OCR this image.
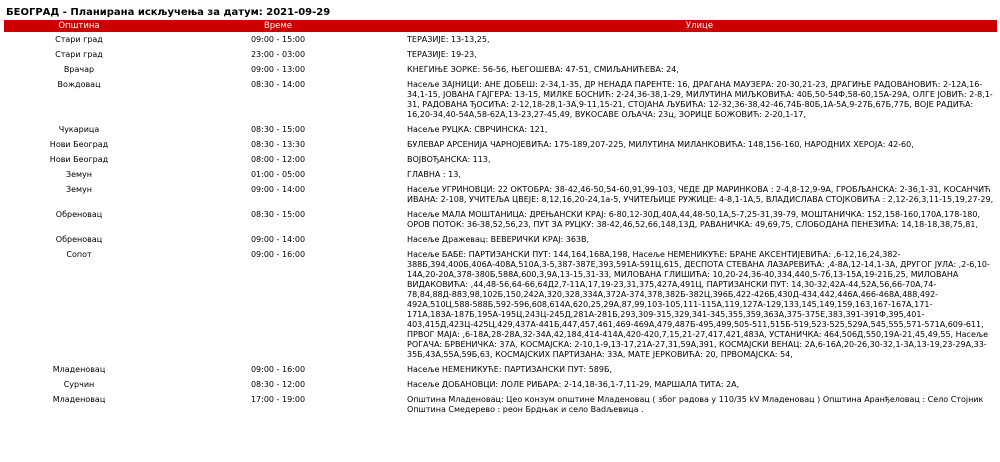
БЕОГРАД - Планирана искључења за датум: 2021-09-29
Општина	Време	Улице
Стари град	09:00 - 15:00	ТЕРАЗИЈЕ: 13-13,25,
Стари град	23:00 - 03:00	ТЕРАЗИЈЕ: 19-23,
Врачар	09:00 - 13:00	КНЕГИЊЕ ЗОРКЕ: 56-56, ЊЕГОШЕВА: 47-51, СМИЉАНИЋЕВА: 24,
Вождовац	08:30 - 14:00	Насеље ЗАЈНИЦИ: АНЕ ДОБЕШ: 2-34,1-35, ДР НЕНАДА ПАРЕНТЕ: 16, ДРАГАНА МАУЗЕРА: 20-30,21-23, ДРАГИЊЕ РАДОВАНОВИЋ: 2-12А,16-34,1-15, ЈОВАНА ГАЈГЕРА: 13-15, МИЛКЕ БОСНИЋ: 2-24,36-38,1-29, МИЛУТИНА МИЉКОВИЋА: 40Б,50-54Ф,58-60,15А-29А, ОЛГЕ ЈОВИЋ: 2-8,1-31, РАДОВАНА ЂОСИЋА: 2-12,18-28,1-3А,9-11,15-21, СТОЈАНА ЉУБИЋА: 12-32,36-38,42-46,74Б-80Б,1А-5А,9-27Б,67Б,77Б, ВОЈЕ РАДИЋА: 16,20-34,40-54А,58-62А,13-23,27-45,49, ВУКОСАВЕ ОЉАЧА: 23ц, ЗОРИЦЕ БОЖОВИЋ: 2-20,1-17,
Чукарица	08:30 - 15:00	Насеље РУЦКА: СВРЧИНСКА: 121,
Нови Београд	08:30 - 13:30	БУЛЕВАР АРСЕНИЈА ЧАРНОЈЕВИЋА: 175-189,207-225, МИЛУТИНА МИЛАНКОВИЋА: 148,156-160, НАРОДНИХ ХЕРОЈА: 42-60,
Нови Београд	08:00 - 12:00	ВОЈВОЂАНСКА: 113,
Земун	01:00 - 05:00	ГЛАВНА : 13,
Земун	09:00 - 14:00	Насеље УГРИНОВЦИ: 22 ОКТОБРА: 38-42,46-50,54-60,91,99-103, ЧЕДЕ ДР МАРИНКОВА : 2-4,8-12,9-9А, ГРОБЉАНСКА: 2-36,1-31, КОСАНЧИЋ ИВАНА: 2-108, УЧИТЕЉА ЦВЕЈЕ: 8,12,16,20-24,1а-5, УЧИТЕЉИЦЕ РУЖИЦЕ: 4-8,1-1А,5, ВЛАДИСЛАВА СТОЈКОВИЋА : 2,12-26,3,11-15,19,27-29,
Обреновац	08:30 - 15:00	Насеље МАЛА МОШТАНИЦА: ДРЕЊАНСКИ КРАЈ: 6-80,12-30Д,40А,44,48-50,1А,5-7,25-31,39-79, МОШТАНИЧКА: 152,158-160,170А,178-180, ОРОВ ПОТОК: 36-38,52,56,23, ПУТ ЗА РУЦКУ: 38-42,46,52,66,148,13Д, РАВАНИЧКА: 49,69,75, СЛОБОДАНА ПЕНЕЗИЋА: 14,18-18,38,75,81,
Обреновац	09:00 - 14:00	Насеље Дражевац: ВЕВЕРИЧКИ КРАЈ: 363В,
Сопот	09:00 - 16:00	Насеље БАБЕ: ПАРТИЗАНСКИ ПУТ: 144,164,168А,198, Насеље НЕМЕНИКУЋЕ: БРАНЕ АКСЕНТИЈЕВИЋА: ,6-12,16,24,382-388Б,394,400Б,406А-408А,510А,3-5,387-387Е,393,591А-591Ц,615, ДЕСПОТА СТЕВАНА ЛАЗАРЕВИЋА: ,4-8А,12-14,1-3А, ДРУГОГ ЈУЛА: ,2-6,10-14А,20-20А,378-380Б,588А,600,3,9А,13-15,31-33, МИЛОВАНА ГЛИШИЋА: 10,20-24,36-40,334,440,5-7б,13-15А,19-21Б,25, МИЛОВАНА ВИДАКОВИЋА: ,44,48-56,64-66,64Д2,7-11А,17,19-23,31,375,427А,491Ц, ПАРТИЗАНСКИ ПУТ: 14,30-32,42А-44,52А,56,66-70А,74-78,84,88Д-88З,98,102Б,150,242А,320,328,334А,372А-374,378,382Б-382Ц,396Б,422-426Б,430Д-434,442,446А,466-468А,488,492-492А,510Ц,588-588Б,592-596,608,614А,620,25,29А,87,99,103-105,111-115А,119,127А-129,133,145,149,159,163,167-167А,171-171А,183А-187Б,195А-195Ц,243Ц-245Д,281А-281Б,293,309-315,329,341-345,355,359,363А,375-375Е,383,391-391Ф,395,401-403,415Д,423Ц-425Ц,429,437А-441Б,447,457,461,469-469А,479,487Б-495,499,505-511,515Б-519,523-525,529А,545,555,571-571А,609-611, ПРВОГ МАЈА: ,6-18А,28-28А,32-34А,42,184,414-414А,420-420,7,15,21-27,417,421,483А, УСТАНИЧКА: 464,506Д,550,19А-21,45,49,55, Насеље РОГАЧА: БРВЕНИЧКА: 37А, КОСМАЈСКА: 2-10,1-9,13-17,21А-27,31,59А,391, КОСМАЈСКИ ВЕНАЦ: 2А,6-16А,20-26,30-32,1-3А,13-19,23-29А,33-35Б,43А,55А,59Б,63, КОСМАЈСКИХ ПАРТИЗАНА: 33А, МАТЕ ЈЕРКОВИЋА: 20, ПРВОМАЈСКА: 54,
Младеновац	09:00 - 16:00	Насеље НЕМЕНИКУЋЕ: ПАРТИЗАНСКИ ПУТ: 589Б,
Сурчин	08:30 - 12:00	Насеље ДОБАНОВЦИ: ЛОЛЕ РИБАРА: 2-14,18-36,1-7,11-29, МАРШАЛА ТИТА: 2А,
Младеновац	17:00 - 19:00	Општина Младеновац: Цео конзум општине Младеновац ( због радова у 110/35 kV Младеновац ) Општина Аранђеловац : Село Стојник Општина Смедерево : реон Брдњак и село Badљевица .
